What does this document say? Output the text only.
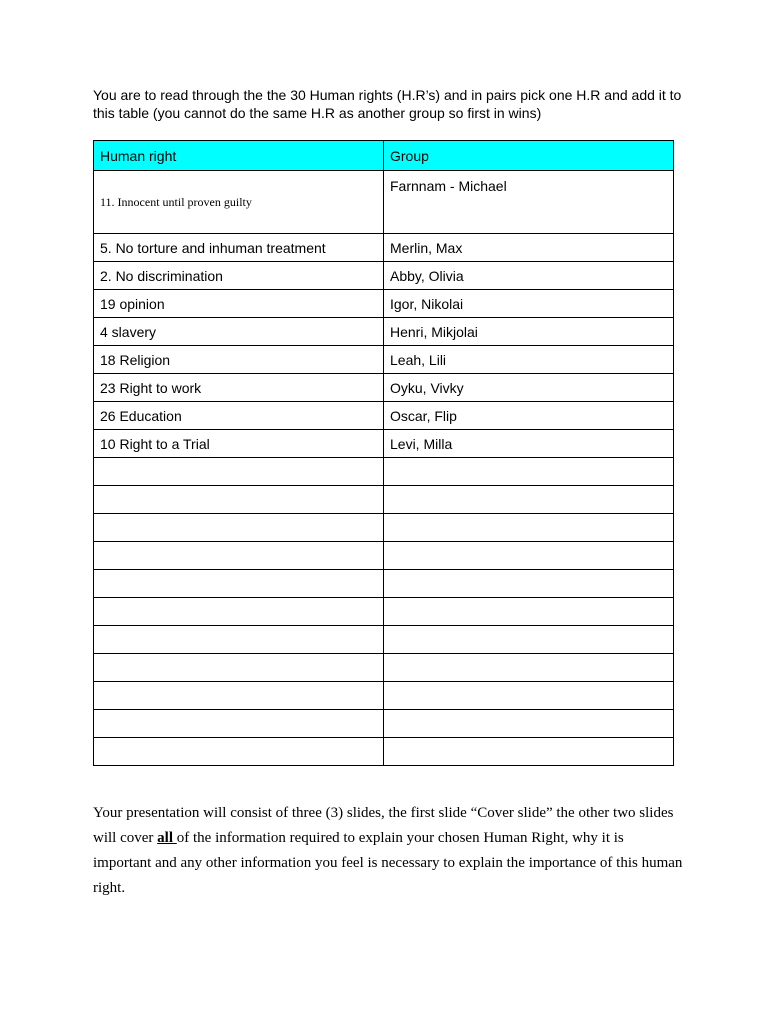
You are to read through the the 30 Human rights (H.R’s) and in pairs pick one H.R and add it to this table (you cannot do the same H.R as another group so first in wins)

Human right	Group
11. Innocent until proven guilty	Farnnam - Michael
5. No torture and inhuman treatment	Merlin, Max
2. No discrimination	Abby, Olivia
19 opinion	Igor, Nikolai
4 slavery	Henri, Mikjolai
18 Religion	Leah, Lili
23 Right to work	Oyku, Vivky
26 Education	Oscar, Flip
10 Right to a Trial	Levi, Milla

Your presentation will consist of three (3) slides, the first slide “Cover slide” the other two slides will cover all of the information required to explain your chosen Human Right, why it is important and any other information you feel is necessary to explain the importance of this human right.
